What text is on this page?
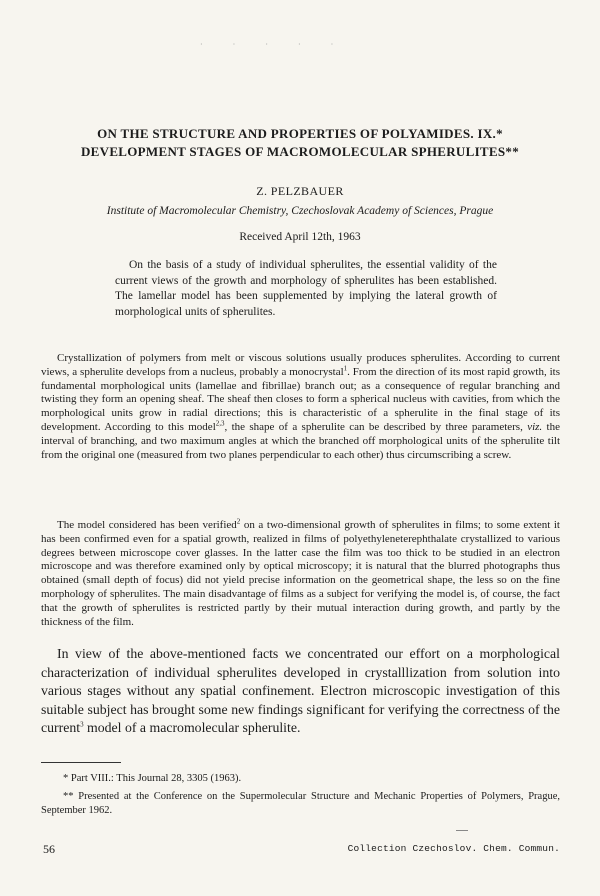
· · · · ·
ON THE STRUCTURE AND PROPERTIES OF POLYAMIDES. IX.*
DEVELOPMENT STAGES OF MACROMOLECULAR SPHERULITES**
Z. PELZBAUER
Institute of Macromolecular Chemistry, Czechoslovak Academy of Sciences, Prague
Received April 12th, 1963

On the basis of a study of individual spherulites, the essential validity of the current views of the growth and morphology of spherulites has been established. The lamellar model has been supplemented by implying the lateral growth of morphological units of spherulites.

Crystallization of polymers from melt or viscous solutions usually produces spherulites. According to current views, a spherulite develops from a nucleus, probably a monocrystal$^1$. From the direction of its most rapid growth, its fundamental morphological units (lamellae and fibrillae) branch out; as a consequence of regular branching and twisting they form an opening sheaf. The sheaf then closes to form a spherical nucleus with cavities, from which the morphological units grow in radial directions; this is characteristic of a spherulite in the final stage of its development. According to this model$^{2,3}$, the shape of a spherulite can be described by three parameters, viz. the interval of branching, and two maximum angles at which the branched off morphological units of the spherulite tilt from the original one (measured from two planes perpendicular to each other) thus circumscribing a screw.

The model considered has been verified$^2$ on a two-dimensional growth of spherulites in films; to some extent it has been confirmed even for a spatial growth, realized in films of polyethyleneterephthalate crystallized to various degrees between microscope cover glasses. In the latter case the film was too thick to be studied in an electron microscope and was therefore examined only by optical microscopy; it is natural that the blurred photographs thus obtained (small depth of focus) did not yield precise information on the geometrical shape, the less so on the fine morphology of spherulites. The main disadvantage of films as a subject for verifying the model is, of course, the fact that the growth of spherulites is restricted partly by their mutual interaction during growth, and partly by the thickness of the film.

In view of the above-mentioned facts we concentrated our effort on a morphological characterization of individual spherulites developed in crystalllization from solution into various stages without any spatial confinement. Electron microscopic investigation of this suitable subject has brought some new findings significant for verifying the correctness of the current$^3$ model of a macromolecular spherulite.

* Part VIII.: This Journal 28, 3305 (1963).

** Presented at the Conference on the Supermolecular Structure and Mechanic Properties of Polymers, Prague, September 1962.

56	Collection Czechoslov. Chem. Commun.
